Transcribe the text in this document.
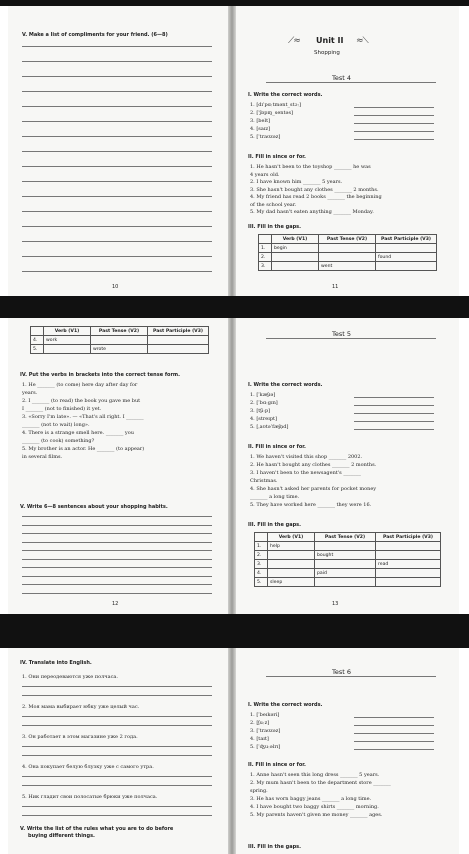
V. Make a list of compliments for your friend. (6—8)
10
⟋≈ Unit II ≈⟍
Shopping
Test 4
I. Write the correct words.
1. [dɪˈpɑːtmənt_stɔː]
2. [ˈʃɒpɪŋ_sentəs]
3. [belt]
4. [saɪz]
5. [ˈtraʊzəz]
II. Fill in since or for.
1. He hasn't been to the toyshop _______ he was
4 years old.
2. I have known him _______ 5 years.
3. She hasn't bought any clothes _______ 2 months.
4. My friend has read 2 books _______ the beginning
of the school year.
5. My dad hasn't eaten anything _______ Monday.
III. Fill in the gaps.
	Verb (V1)	Past Tense (V2)	Past Participle (V3)
1.	begin		
2.			found
3.		went	
11
	Verb (V1)	Past Tense (V2)	Past Participle (V3)
4.	work		
5.		wrote	
IV. Put the verbs in brackets into the correct tense form.
1. He _______ (to come) here day after day for
years.
2. I _______ (to read) the book you gave me but
I _______ (not to finished) it yet.
3. «Sorry I'm late». — «That's all right. I _______
_______ (not to wait) long».
4. There is a strange smell here. _______ you
_______ (to cook) something?
5. My brother is an actor. He _______ (to appear)
in several films.
V. Write 6—8 sentences about your shopping habits.
12
Test 5
I. Write the correct words.
1. [ˈkæʃɪə]
2. [ˈbɑːgɪn]
3. [tʃiːp]
4. [streɪpt]
5. [ˌaʊtəˈfæʃn̩d]
II. Fill in since or for.
1. We haven't visited this shop _______ 2002.
2. He hasn't bought any clothes _______ 2 months.
3. I haven't been to the newsagent's _______
Christmas.
4. She hasn't asked her parents for pocket money
_______ a long time.
5. They have worked here _______ they were 16.
III. Fill in the gaps.
	Verb (V1)	Past Tense (V2)	Past Participle (V3)
1.	help		
2.		bought	
3.			read
4.		paid	
5.	sleep		
13
IV. Translate into English.
1. Они переодеваются уже полчаса.
2. Моя мама выбирает юбку уже целый час.
3. Он работает в этом магазине уже 2 года.
4. Она покупает белую блузку уже с самого утра.
5. Ник гладит свои полосатые брюки уже полчаса.
V. Write the list of the rules what you are to do before
buying different things.
Test 6
I. Write the correct words.
1. [ˈbeɪkəri]
2. [ʃuːz]
3. [ˈtraʊzəz]
4. [taɪt]
5. [ˈʤuːəlrɪ]
II. Fill in since or for.
1. Anne hasn't seen this long dress _______ 5 years.
2. My mum hasn't been to the department store _______
spring.
3. He has worn baggy jeans _______ a long time.
4. I have bought two baggy shirts _______ morning.
5. My parents haven't given me money _______ ages.
III. Fill in the gaps.
